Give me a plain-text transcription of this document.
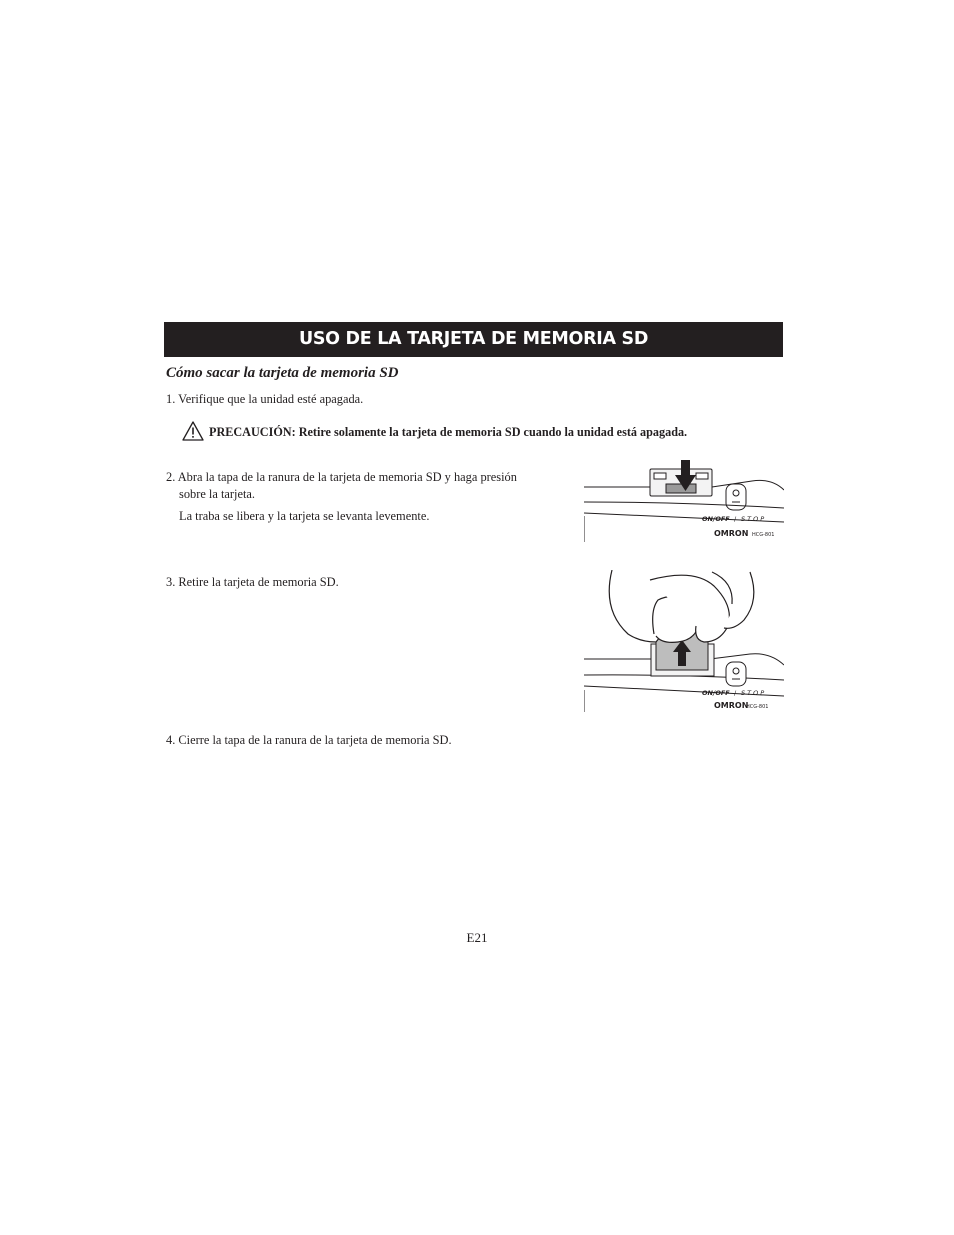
USO DE LA TARJETA DE MEMORIA SD
Cómo sacar la tarjeta de memoria SD
1. Verifique que la unidad esté apagada.
PRECAUCIÓN: Retire solamente la tarjeta de memoria SD cuando la unidad está apagada.
2. Abra la tapa de la ranura de la tarjeta de memoria SD y haga presión
sobre la tarjeta.
La traba se libera y la tarjeta se levanta levemente.
3. Retire la tarjeta de memoria SD.
4. Cierre la tapa de la ranura de la tarjeta de memoria SD.
ON/OFF / STOP
OMRON HCG-801
ON/OFF / STOP
OMRON
HCG-801
E21
